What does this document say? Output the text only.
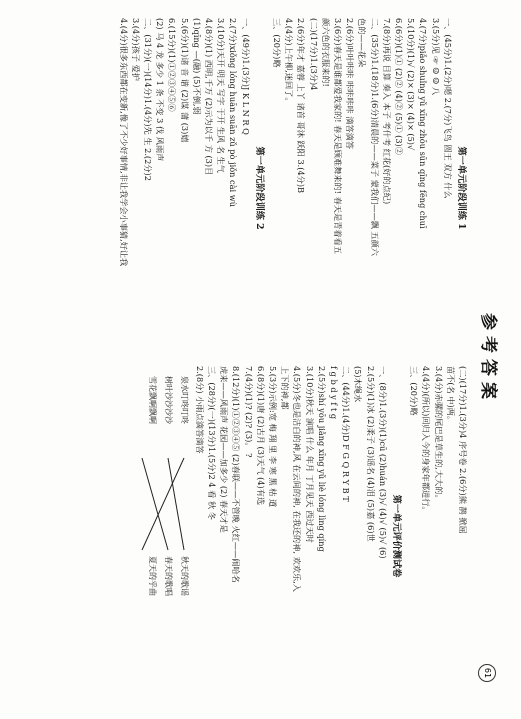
参考答案
61
第一单元阶段训练 1
一、(45分)1.(2分)嗯 2.(7分)飞鸟 圆王 双方 什么
3.(5分)见 ☞ ☺ ☺ 八
4.(7分)piǎo shuǐng yǔ xīng zhōu sūn qīng fēng chuī
5.(10分)(1)√ (2)× (3)× (4)× (5)√
6.(6分)(1)① (2)② (4)② (5)① (3)②
7.(8分)再说 目算 奏入 本子 考什考 红花(好的点纪)
二、(35分)1.(18分)1.(6分)清晨的——菜子 蒙我们——飘 五颜六
色的——花朵
2.(6分)叶叶咔咔 咔咔咔咔 滴答滴答
3.(6分)春天是谁都爱我家的! 春天是顾难舞来的! 春天是青着看五
颜六色的衣服来的!
(二)(17分)1.(3分)4
2.(6分)年才 嘉蓉 上丫 诸首 哥沐 跃阳 3.(4分)B
4.(4分)上午柳,迷回了。
三、(20分)略
第一单元阶段训练 2
一、(49分)1.(3分)J K L N R Q
2.(7分)xiǒng lóng huān suān zǔ pò jiǒn cài wù
3.(10分)天开 明天 写字 于开 生风 名 生气
4.(8分)(1) 西明,千万 (2)示为以千 方 (3)目
(1)qīng —(融) (5)不倒,弱
5.(6分)(1)诸 音 谐 (2)谋 蒲 (3)嬉
6.(15分)(1)①②③④⑤⑥
(2) 马 4 龙 多少 1 条 不变 3 伐 风雨声
二、(31分)(一)(14分)1.(4分)先 生 2.(2分)2
3.(4分)孩子 爱护
4.(4分)很多东西都在变新,像了不少好事情,非让我学会小事猜,好让我
(二)(17分)1.(3分)4 序号卷 2.(6分)熊 鹊 掀屈
苗不(名 中)两。
3.(4分)赤骡的尾巴是草生的,大大的。
4.(4分)(所以)回归入今的身家年都进行。
三、(20分)略
第一单元评价测试卷
一、(8分)1.(3分)(1)cū (2)huán (3)√ (4)√ (5)√ (6)
2.(5分)(1)冰 (2)柔子 (3)谣名 (4)泪 (5)嘉 (6)世
(5)木绳水
二、(44分)1.(4分)D F G Q R Y B T
f g b d y f t g
2.(5分)shí yōu jiǎng xīng yǔ liè lóng lìng qíng
3.(10分)秋天 演唱 什么 年月 丁月见天 西过天时
4.(5分)冬也是洁白的神,风 在云间的神, 在我还的神, 欢欢乐,入
上下的神,都
5.(3分)示例:宽 梅 翔 里 李 寒 黑 枯 道
6.(8分)(1)唐 (2)古月 (3)天气 (4)有选
7.(4分)(1)? (2)? (3)。 ?
8.(12分)(1)①②③④⑤ (2)春联——不管晚 火红——闹哈名
虎来——风雨声 花园——加多少 (2) 春天才是
三、(28分)(一)(13分)1.(5分)2 4 看 秋 冬
2.(8分) 小雨点滴答滴答
泉水叮咚叮咚
树叶沙沙沙沙
雪花飘啊飘啊
秋天的歌谣
春天的歌唱
夏天的乎曲
